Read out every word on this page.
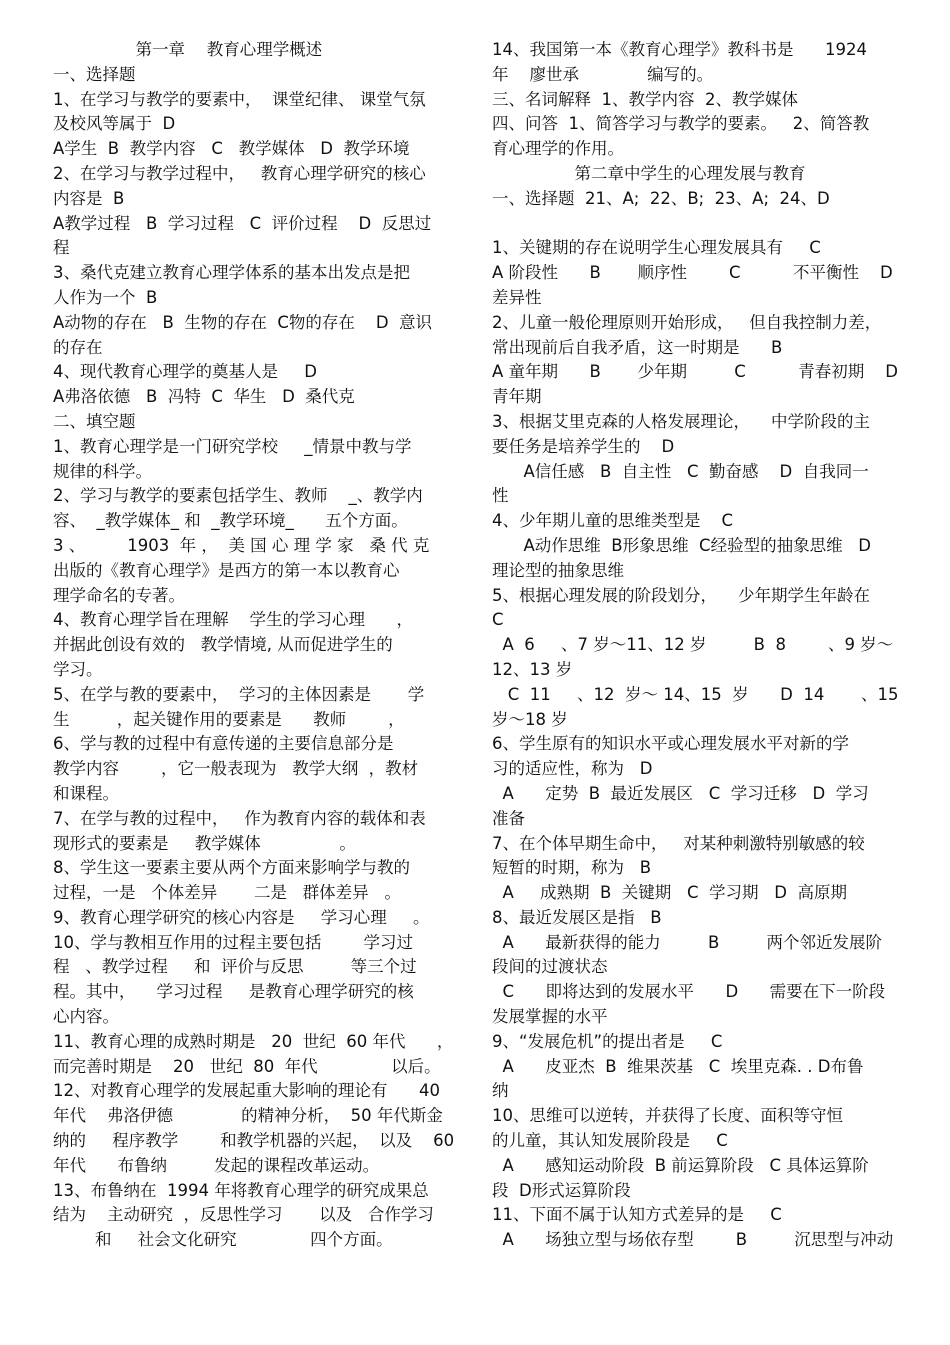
　　　　　第一章　 教育心理学概述
一、选择题
1、在学习与教学的要素中，  课堂纪律、 课堂气氛
及校风等属于  D
A学生  B  教学内容   C   教学媒体   D  教学环境
2、在学习与教学过程中，   教育心理学研究的核心
内容是  B
A教学过程   B  学习过程   C  评价过程    D  反思过
程
3、桑代克建立教育心理学体系的基本出发点是把
人作为一个  B
A动物的存在   B  生物的存在  C物的存在    D  意识
的存在
4、现代教育心理学的奠基人是     D
A弗洛依德   B  冯特  C  华生   D  桑代克
二、填空题
1、教育心理学是一门研究学校     _情景中教与学
规律的科学。
2、学习与教学的要素包括学生、教师    _、教学内
容、  _教学媒体_ 和  _教学环境_      五个方面。
3 、        1903  年 ，  美 国 心 理 学 家   桑 代 克
出版的《教育心理学》是西方的第一本以教育心
理学命名的专著。
4、教育心理学旨在理解    学生的学习心理      ，
并据此创设有效的   教学情境, 从而促进学生的
学习。
5、在学与教的要素中，  学习的主体因素是       学
生         ，起关键作用的要素是      教师        ，
6、学与教的过程中有意传递的主要信息部分是
教学内容        ，它一般表现为   教学大纲  ，教材
和课程。
7、在学与教的过程中，   作为教育内容的载体和表
现形式的要素是     教学媒体               。
8、学生这一要素主要从两个方面来影响学与教的
过程，一是   个体差异       二是   群体差异   。
9、教育心理学研究的核心内容是     学习心理     。
10、学与教相互作用的过程主要包括        学习过
程   、教学过程     和  评价与反思         等三个过
程。其中，    学习过程     是教育心理学研究的核
心内容。
11、教育心理的成熟时期是   20  世纪  60 年代      ，
而完善时期是    20   世纪  80  年代              以后。
12、对教育心理学的发展起重大影响的理论有      40
年代    弗洛伊德             的精神分析，  50 年代斯金
纳的     程序教学        和教学机器的兴起，  以及    60
年代      布鲁纳         发起的课程改革运动。
13、布鲁纳在  1994 年将教育心理学的研究成果总
结为    主动研究  ，反思性学习       以及   合作学习
和     社会文化研究              四个方面。
14、我国第一本《教育心理学》教科书是      1924
年    廖世承             编写的。
三、名词解释  1、教学内容  2、教学媒体
四、问答  1、简答学习与教学的要素。   2、简答教
育心理学的作用。
　　　　　第二章中学生的心理发展与教育
一、选择题  21、A;  22、B;  23、A;  24、D
1、关键期的存在说明学生心理发展具有     C
A 阶段性      B       顺序性        C          不平衡性    D
差异性
2、儿童一般伦理原则开始形成，   但自我控制力差，
常出现前后自我矛盾，这一时期是      B
A 童年期      B       少年期         C          青春初期    D
青年期
3、根据艾里克森的人格发展理论，    中学阶段的主
要任务是培养学生的    D
A信任感   B  自主性   C  勤奋感    D  自我同一
性
4、少年期儿童的思维类型是    C
A动作思维  B形象思维  C经验型的抽象思维   D
理论型的抽象思维
5、根据心理发展的阶段划分，    少年期学生年龄在
C
A  6     、7 岁～11、12 岁         B  8        、9 岁～
12、13 岁
C  11     、12  岁～ 14、15  岁      D  14       、15
岁～18 岁
6、学生原有的知识水平或心理发展水平对新的学
习的适应性，称为   D
A      定势  B  最近发展区   C  学习迁移   D  学习
准备
7、在个体早期生命中，   对某种刺激特别敏感的较
短暂的时期，称为   B
A     成熟期  B  关键期   C  学习期   D  高原期
8、最近发展区是指   B
A      最新获得的能力         B         两个邻近发展阶
段间的过渡状态
C      即将达到的发展水平      D      需要在下一阶段
发展掌握的水平
9、“发展危机”的提出者是     C
A      皮亚杰  B  维果茨基   C  埃里克森. . D布鲁
纳
10、思维可以逆转，并获得了长度、面积等守恒
的儿童，其认知发展阶段是     C
A      感知运动阶段  B 前运算阶段   C 具体运算阶
段  D形式运算阶段
11、下面不属于认知方式差异的是     C
A      场独立型与场依存型        B         沉思型与冲动
